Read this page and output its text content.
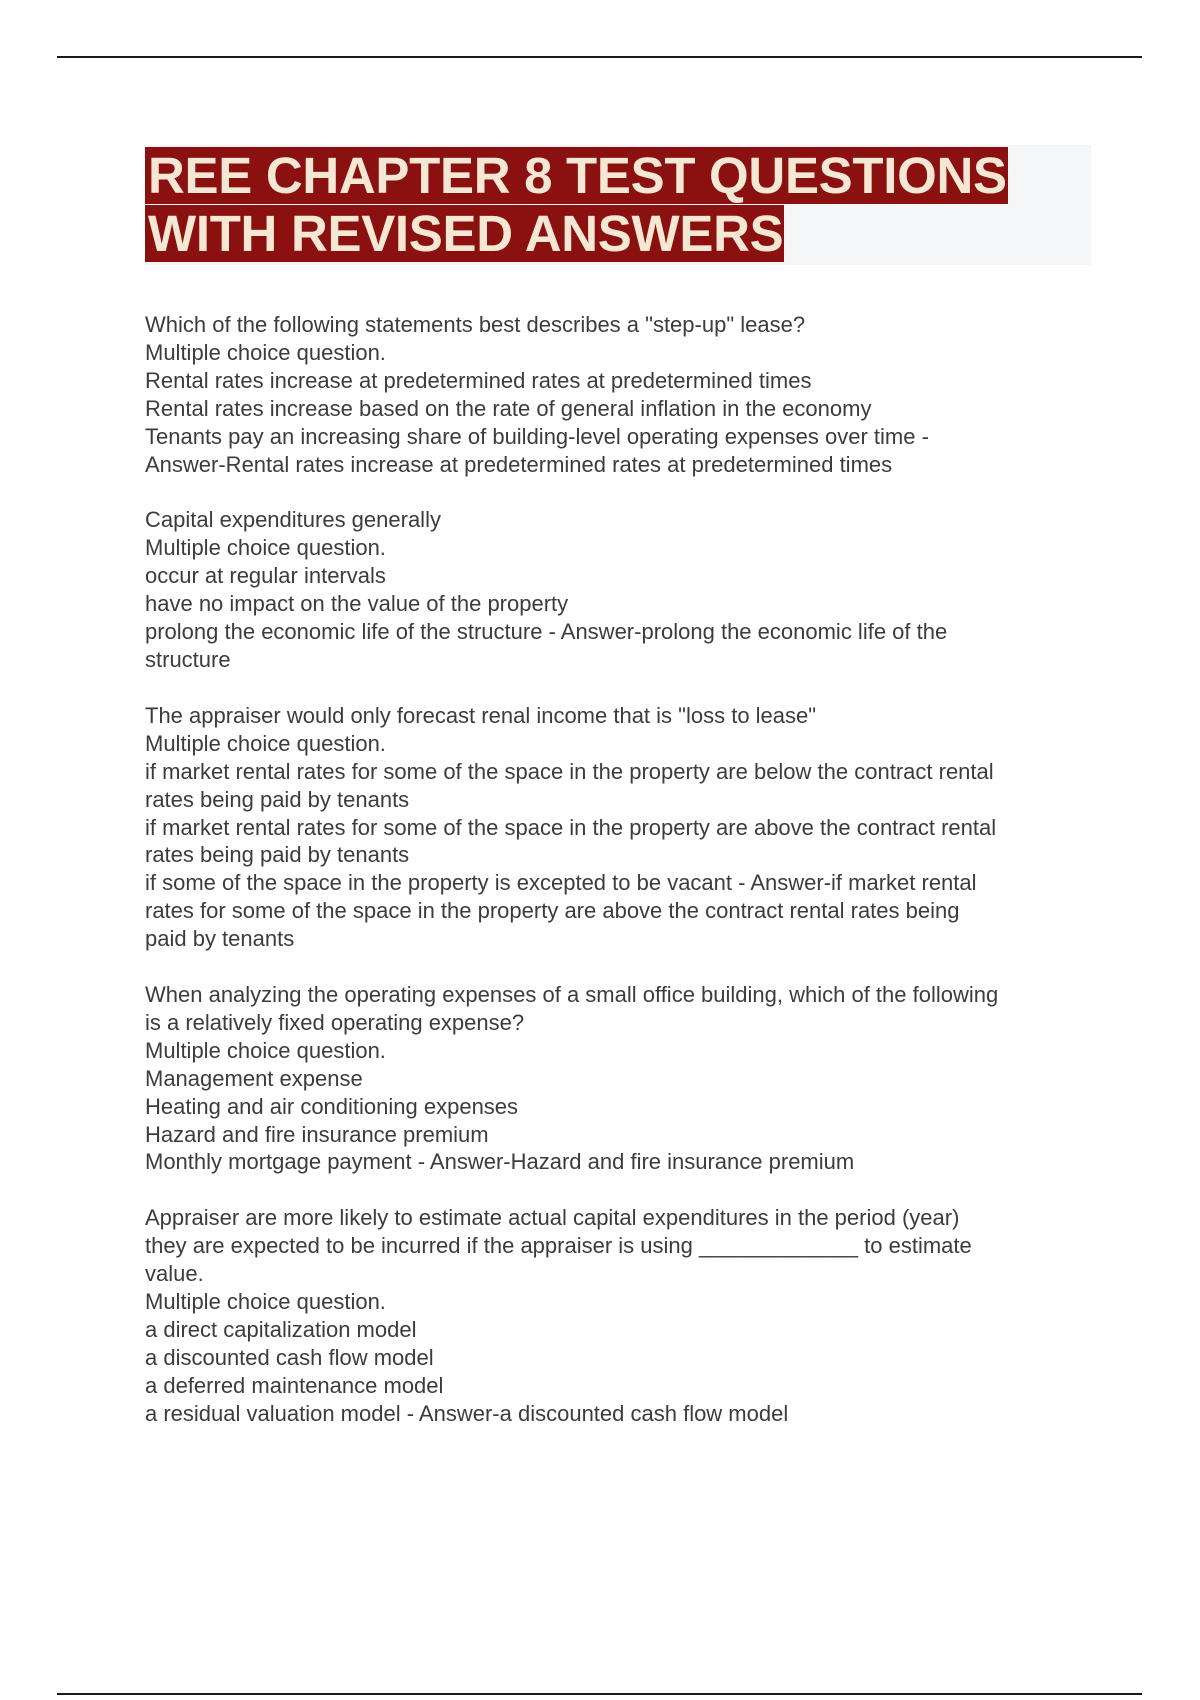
REE CHAPTER 8 TEST QUESTIONS
WITH REVISED ANSWERS
Which of the following statements best describes a "step-up" lease?
Multiple choice question.
Rental rates increase at predetermined rates at predetermined times
Rental rates increase based on the rate of general inflation in the economy
Tenants pay an increasing share of building-level operating expenses over time -
Answer-Rental rates increase at predetermined rates at predetermined times
Capital expenditures generally
Multiple choice question.
occur at regular intervals
have no impact on the value of the property
prolong the economic life of the structure - Answer-prolong the economic life of the
structure
The appraiser would only forecast renal income that is "loss to lease"
Multiple choice question.
if market rental rates for some of the space in the property are below the contract rental
rates being paid by tenants
if market rental rates for some of the space in the property are above the contract rental
rates being paid by tenants
if some of the space in the property is excepted to be vacant - Answer-if market rental
rates for some of the space in the property are above the contract rental rates being
paid by tenants
When analyzing the operating expenses of a small office building, which of the following
is a relatively fixed operating expense?
Multiple choice question.
Management expense
Heating and air conditioning expenses
Hazard and fire insurance premium
Monthly mortgage payment - Answer-Hazard and fire insurance premium
Appraiser are more likely to estimate actual capital expenditures in the period (year)
they are expected to be incurred if the appraiser is using _____________ to estimate
value.
Multiple choice question.
a direct capitalization model
a discounted cash flow model
a deferred maintenance model
a residual valuation model - Answer-a discounted cash flow model
